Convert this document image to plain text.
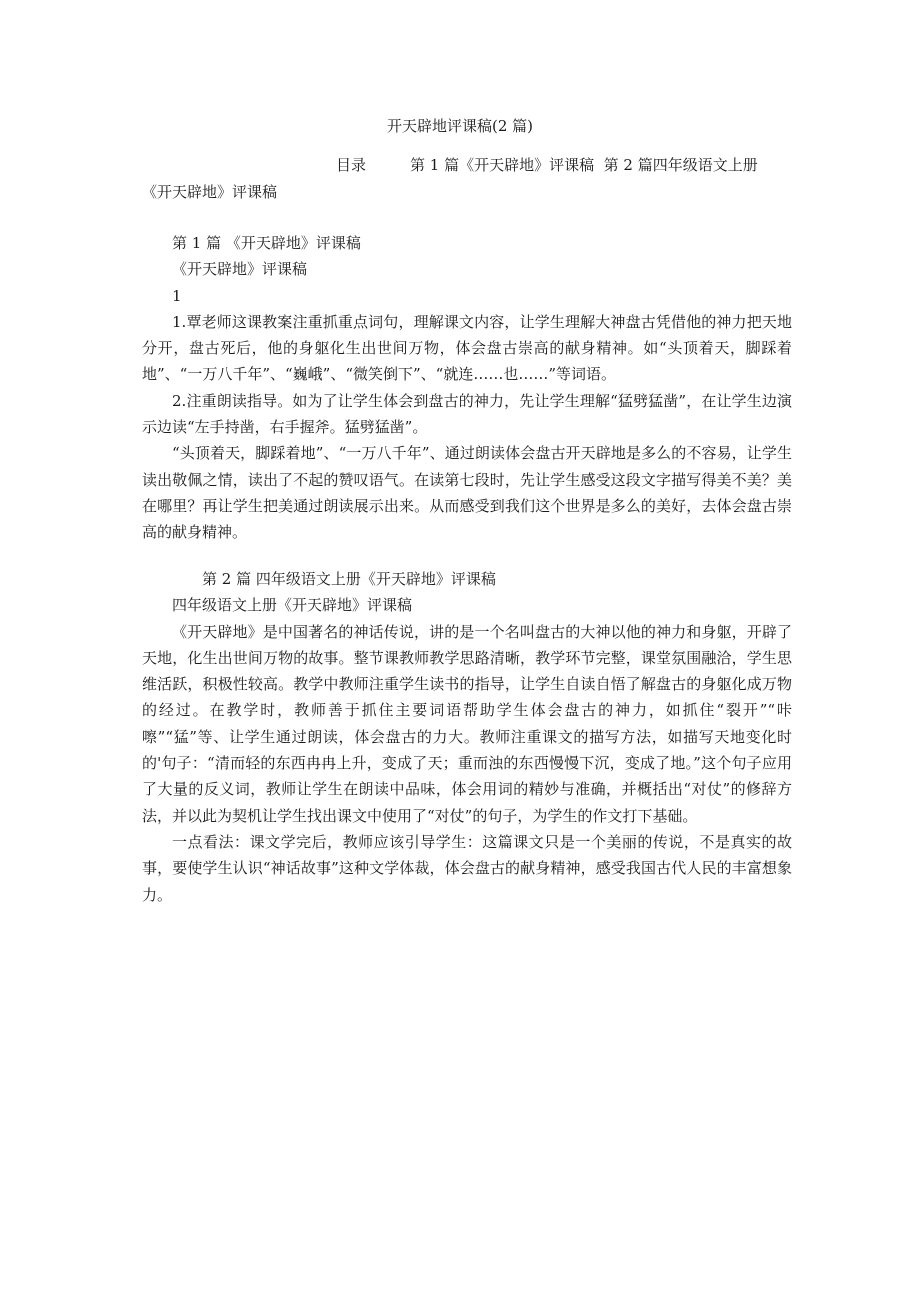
开天辟地评课稿(2 篇)
目录	第 1 篇《开天辟地》评课稿 第 2 篇四年级语文上册
《开天辟地》评课稿

第 1 篇 《开天辟地》评课稿

《开天辟地》评课稿

1

1.覃老师这课教案注重抓重点词句，理解课文内容，让学生理解大神盘古凭借他的神力把天地分开，盘古死后，他的身躯化生出世间万物，体会盘古崇高的献身精神。如“头顶着天，脚踩着地”、“一万八千年”、“巍峨”、“微笑倒下”、“就连……也……”等词语。

2.注重朗读指导。如为了让学生体会到盘古的神力，先让学生理解“猛劈猛凿”，在让学生边演示边读“左手持凿，右手握斧。猛劈猛凿”。

“头顶着天，脚踩着地”、“一万八千年”、通过朗读体会盘古开天辟地是多么的不容易，让学生读出敬佩之情，读出了不起的赞叹语气。在读第七段时，先让学生感受这段文字描写得美不美？美在哪里？再让学生把美通过朗读展示出来。从而感受到我们这个世界是多么的美好，去体会盘古崇高的献身精神。

第 2 篇 四年级语文上册《开天辟地》评课稿

四年级语文上册《开天辟地》评课稿

《开天辟地》是中国著名的神话传说，讲的是一个名叫盘古的大神以他的神力和身躯，开辟了天地，化生出世间万物的故事。整节课教师教学思路清晰，教学环节完整，课堂氛围融洽，学生思维活跃，积极性较高。教学中教师注重学生读书的指导，让学生自读自悟了解盘古的身躯化成万物的经过。在教学时，教师善于抓住主要词语帮助学生体会盘古的神力，如抓住“裂开”“咔嚓”“猛”等、让学生通过朗读，体会盘古的力大。教师注重课文的描写方法，如描写天地变化时的'句子：“清而轻的东西冉冉上升，变成了天；重而浊的东西慢慢下沉，变成了地。”这个句子应用了大量的反义词，教师让学生在朗读中品味，体会用词的精妙与准确，并概括出“对仗”的修辞方法，并以此为契机让学生找出课文中使用了“对仗”的句子，为学生的作文打下基础。

一点看法：课文学完后，教师应该引导学生：这篇课文只是一个美丽的传说，不是真实的故事，要使学生认识“神话故事”这种文学体裁，体会盘古的献身精神，感受我国古代人民的丰富想象力。
